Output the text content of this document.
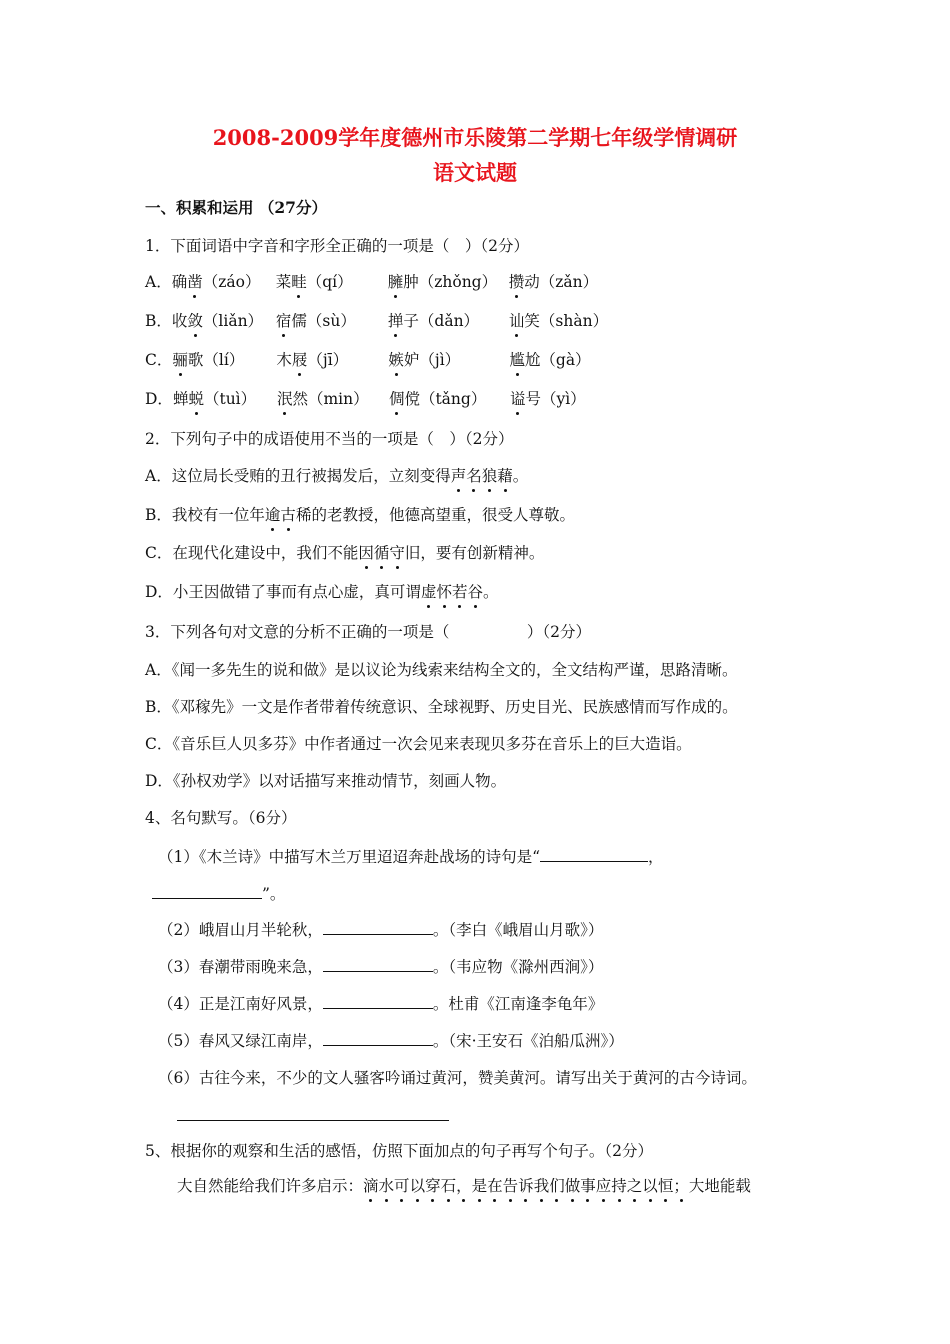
2008-2009学年度德州市乐陵第二学期七年级学情调研
语文试题
一、积累和运用 （27分）
1．下面词语中字音和字形全正确的一项是（　）（2分）
A．确凿（záo） 菜畦（qí） 臃肿（zhǒng） 攒动（zǎn）
B．收敛（liǎn） 宿儒（sù） 掸子（dǎn） 讪笑（shàn）
C．骊歌（lí） 木屐（jī）	嫉妒（jì）	尴尬（gà）
D．蝉蜕（tuì） 泯然（min） 倜傥（tǎng） 谥号（yì）
2．下列句子中的成语使用不当的一项是（　）（2分）
A．这位局长受贿的丑行被揭发后，立刻变得声名狼藉。
B．我校有一位年逾古稀的老教授，他德高望重，很受人尊敬。
C．在现代化建设中，我们不能因循守旧，要有创新精神。
D．小王因做错了事而有点心虚，真可谓虚怀若谷。
3．下列各句对文意的分析不正确的一项是（　　　　　）（2分）
A．《闻一多先生的说和做》是以议论为线索来结构全文的，全文结构严谨，思路清晰。
B．《邓稼先》一文是作者带着传统意识、全球视野、历史目光、民族感情而写作成的。
C．《音乐巨人贝多芬》中作者通过一次会见来表现贝多芬在音乐上的巨大造诣。
D．《孙权劝学》以对话描写来推动情节，刻画人物。
4、名句默写。（6分）
（1）《木兰诗》中描写木兰万里迢迢奔赴战场的诗句是“	，
”。
（2）峨眉山月半轮秋，	。（李白《峨眉山月歌》）
（3）春潮带雨晚来急，	。（韦应物《滁州西涧》）
（4）正是江南好风景，	。杜甫《江南逢李龟年》
（5）春风又绿江南岸，	。（宋·王安石《泊船瓜洲》）
（6）古往今来，不少的文人骚客吟诵过黄河，赞美黄河。请写出关于黄河的古今诗词。
5、根据你的观察和生活的感悟，仿照下面加点的句子再写个句子。（2分）
大自然能给我们许多启示：滴水可以穿石，是在告诉我们做事应持之以恒；大地能载
